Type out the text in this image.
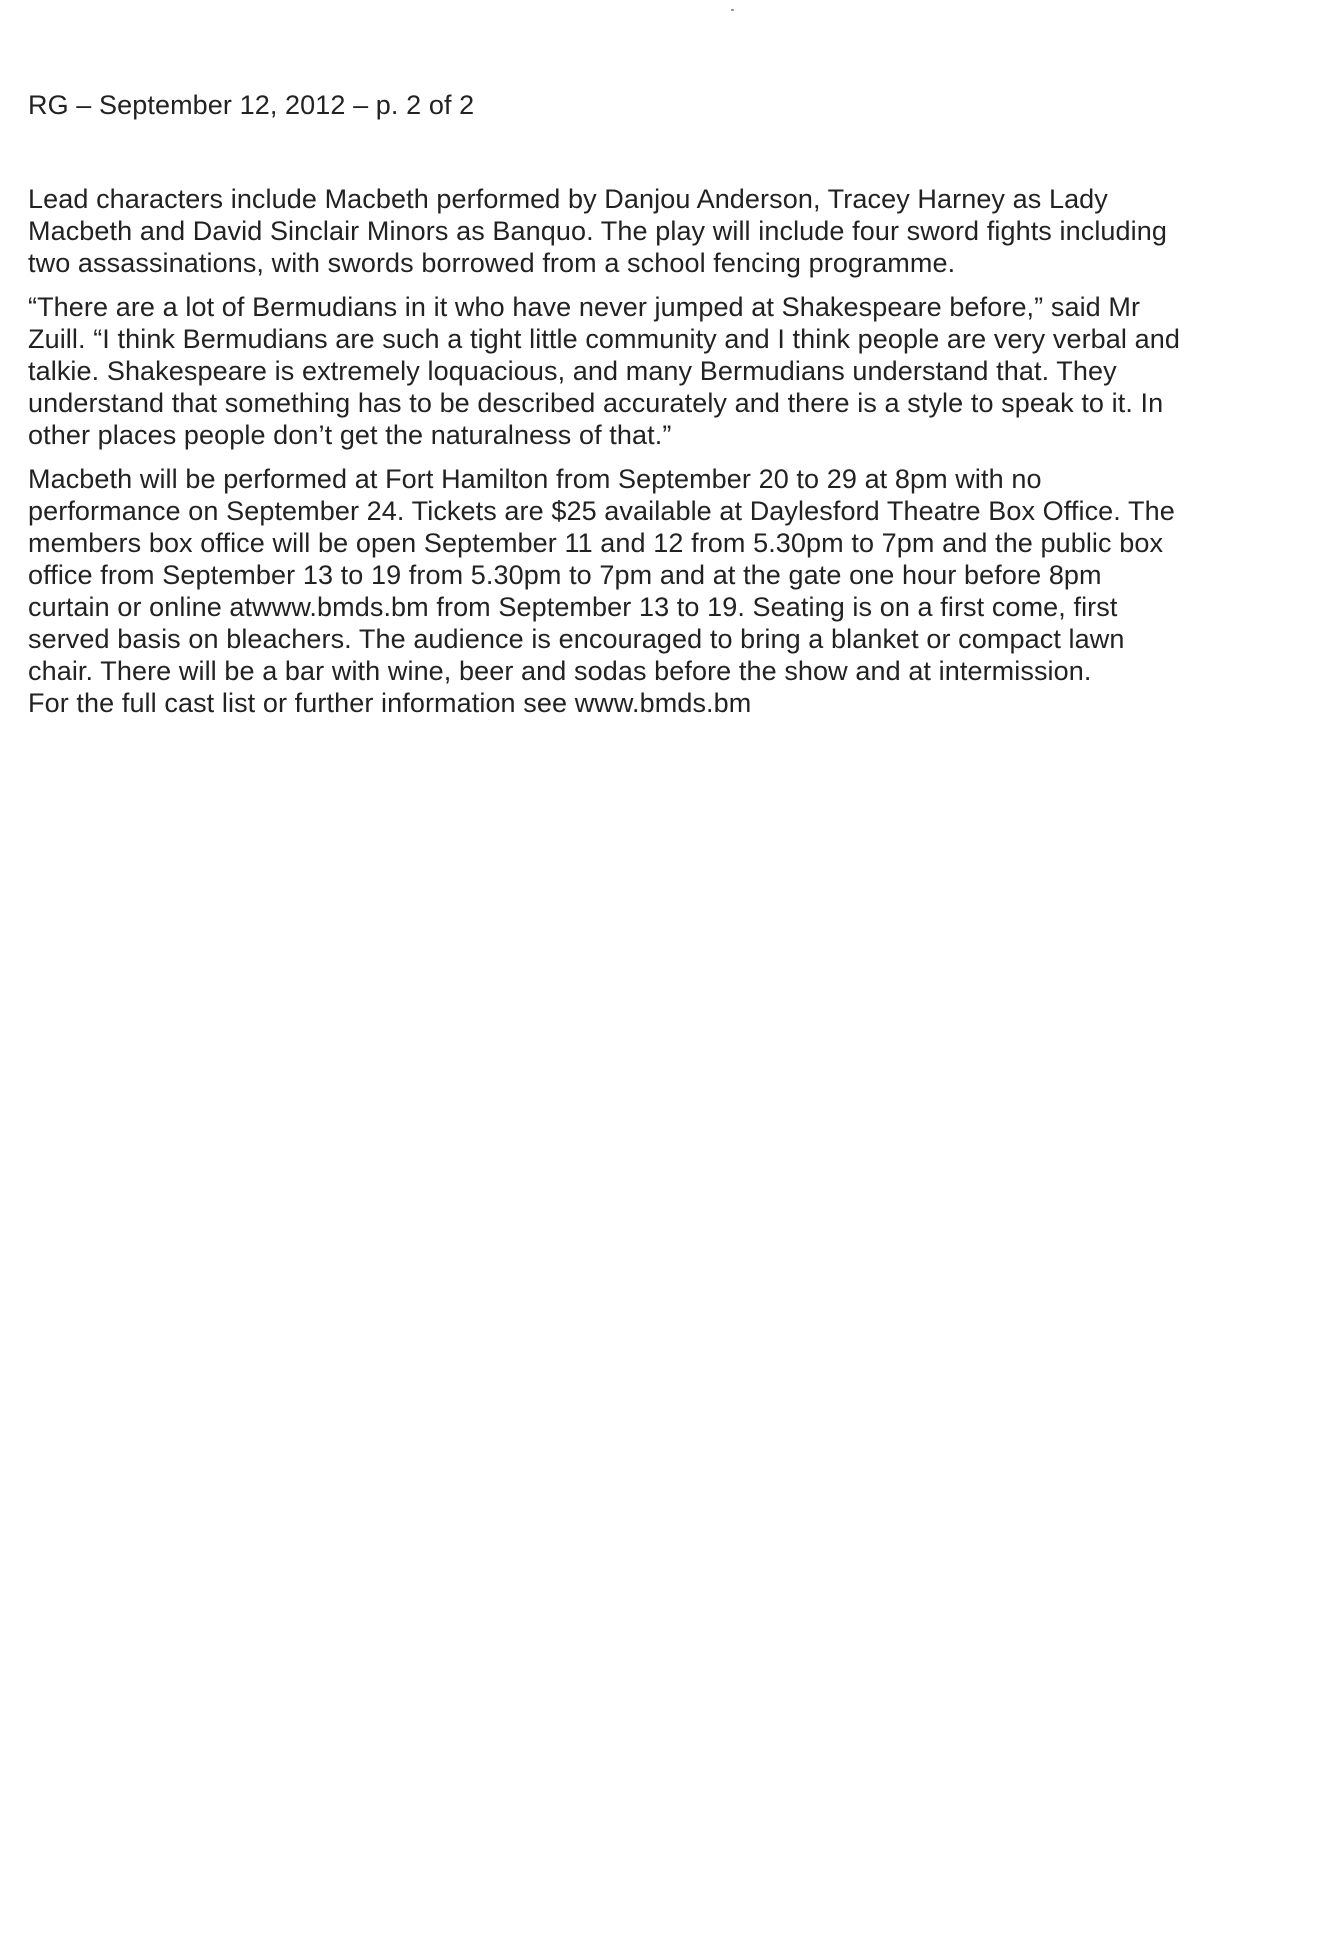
RG – September 12, 2012 – p. 2 of 2
Lead characters include Macbeth performed by Danjou Anderson, Tracey Harney as Lady
Macbeth and David Sinclair Minors as Banquo. The play will include four sword fights including
two assassinations, with swords borrowed from a school fencing programme.
“There are a lot of Bermudians in it who have never jumped at Shakespeare before,” said Mr
Zuill. “I think Bermudians are such a tight little community and I think people are very verbal and
talkie. Shakespeare is extremely loquacious, and many Bermudians understand that. They
understand that something has to be described accurately and there is a style to speak to it. In
other places people don’t get the naturalness of that.”
Macbeth will be performed at Fort Hamilton from September 20 to 29 at 8pm with no
performance on September 24. Tickets are $25 available at Daylesford Theatre Box Office. The
members box office will be open September 11 and 12 from 5.30pm to 7pm and the public box
office from September 13 to 19 from 5.30pm to 7pm and at the gate one hour before 8pm
curtain or online atwww.bmds.bm from September 13 to 19. Seating is on a first come, first
served basis on bleachers. The audience is encouraged to bring a blanket or compact lawn
chair. There will be a bar with wine, beer and sodas before the show and at intermission.
For the full cast list or further information see www.bmds.bm
